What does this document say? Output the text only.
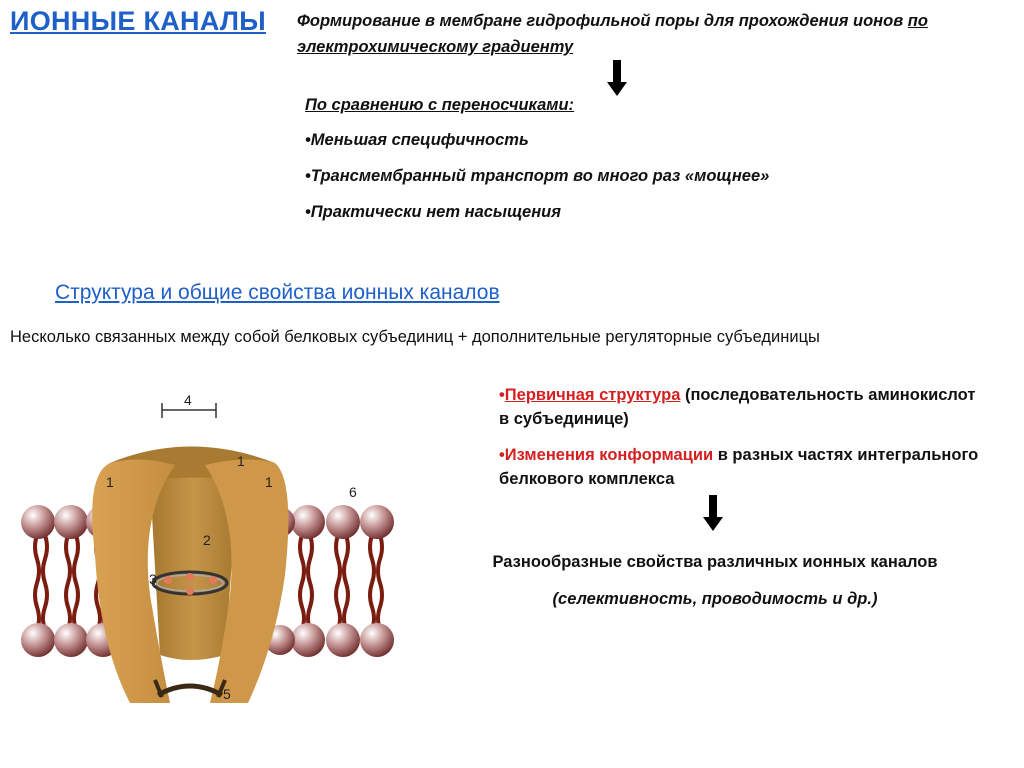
ИОННЫЕ КАНАЛЫ Формирование в мембране гидрофильной поры для прохождения ионов по электрохимическому градиенту
По сравнению с переносчиками:
•Меньшая специфичность
•Трансмембранный транспорт во много раз «мощнее»
•Практически нет насыщения
Структура и общие свойства ионных каналов
Несколько связанных между собой белковых субъединиц + дополнительные регуляторные субъединицы
•Первичная структура (последовательность аминокислот в субъединице)
•Изменения конформации в разных частях интегрального белкового комплекса
Разнообразные свойства различных ионных каналов
(селективность, проводимость и др.)
4
1
1	1
6
2
3
5
